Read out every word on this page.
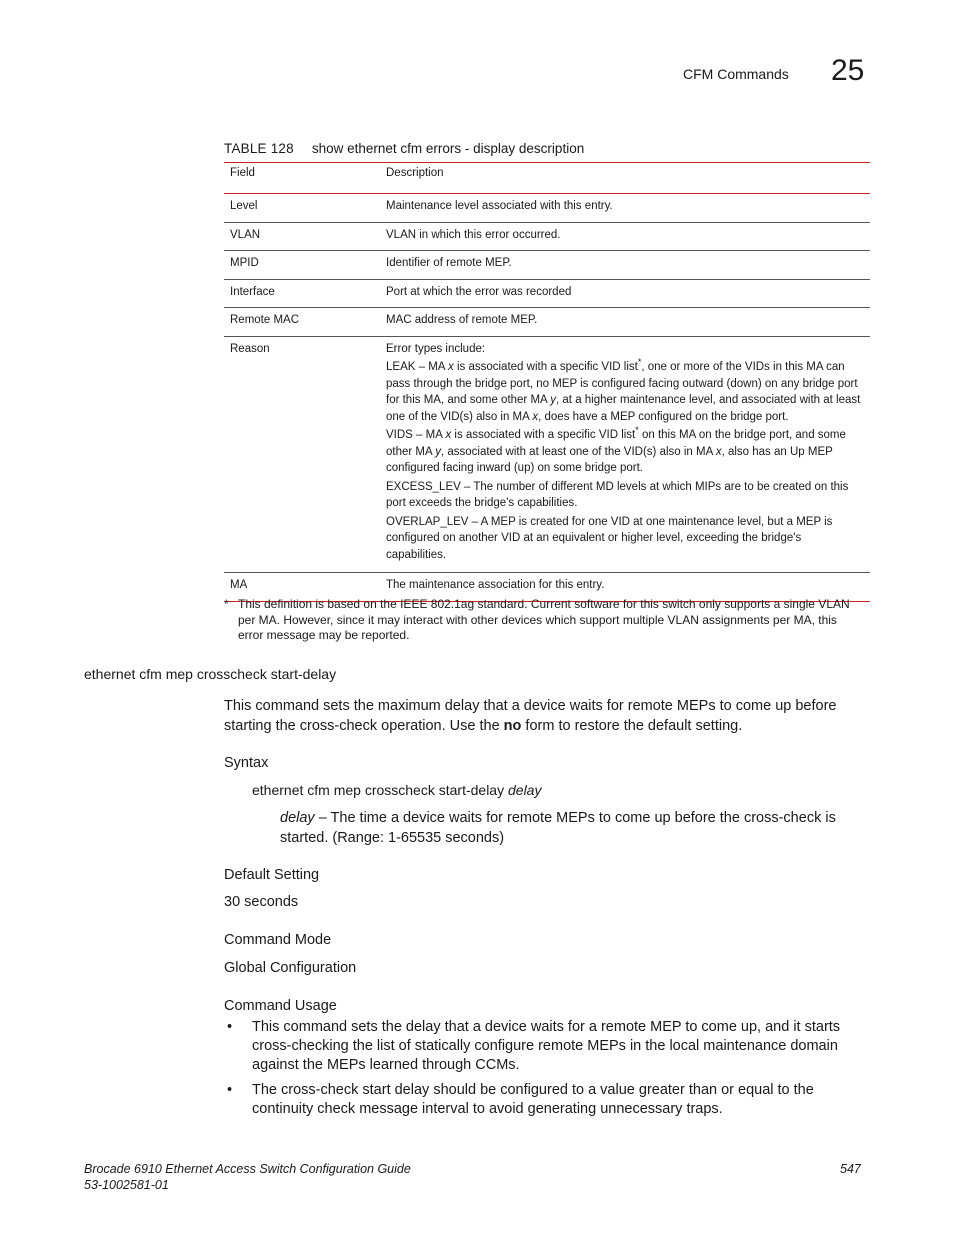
CFM Commands 25
TABLE 128 show ethernet cfm errors - display description
Field	Description
Level	Maintenance level associated with this entry.
VLAN	VLAN in which this error occurred.
MPID	Identifier of remote MEP.
Interface	Port at which the error was recorded
Remote MAC	MAC address of remote MEP.
Reason	Error types include:

LEAK – MA x is associated with a specific VID list*, one or more of the VIDs in this MA can pass through the bridge port, no MEP is configured facing outward (down) on any bridge port for this MA, and some other MA y, at a higher maintenance level, and associated with at least one of the VID(s) also in MA x, does have a MEP configured on the bridge port.

VIDS – MA x is associated with a specific VID list* on this MA on the bridge port, and some other MA y, associated with at least one of the VID(s) also in MA x, also has an Up MEP configured facing inward (up) on some bridge port.

EXCESS_LEV – The number of different MD levels at which MIPs are to be created on this port exceeds the bridge's capabilities.

OVERLAP_LEV – A MEP is created for one VID at one maintenance level, but a MEP is configured on another VID at an equivalent or higher level, exceeding the bridge's capabilities.

MA	The maintenance association for this entry.
* This definition is based on the IEEE 802.1ag standard. Current software for this switch only supports a single VLAN per MA. However, since it may interact with other devices which support multiple VLAN assignments per MA, this error message may be reported.
ethernet cfm mep crosscheck start-delay
This command sets the maximum delay that a device waits for remote MEPs to come up before starting the cross-check operation. Use the no form to restore the default setting.
Syntax
ethernet cfm mep crosscheck start-delay delay
delay – The time a device waits for remote MEPs to come up before the cross-check is started. (Range: 1-65535 seconds)
Default Setting
30 seconds
Command Mode
Global Configuration
Command Usage
• This command sets the delay that a device waits for a remote MEP to come up, and it starts cross-checking the list of statically configure remote MEPs in the local maintenance domain against the MEPs learned through CCMs.
• The cross-check start delay should be configured to a value greater than or equal to the continuity check message interval to avoid generating unnecessary traps.
Brocade 6910 Ethernet Access Switch Configuration Guide
53-1002581-01
547
